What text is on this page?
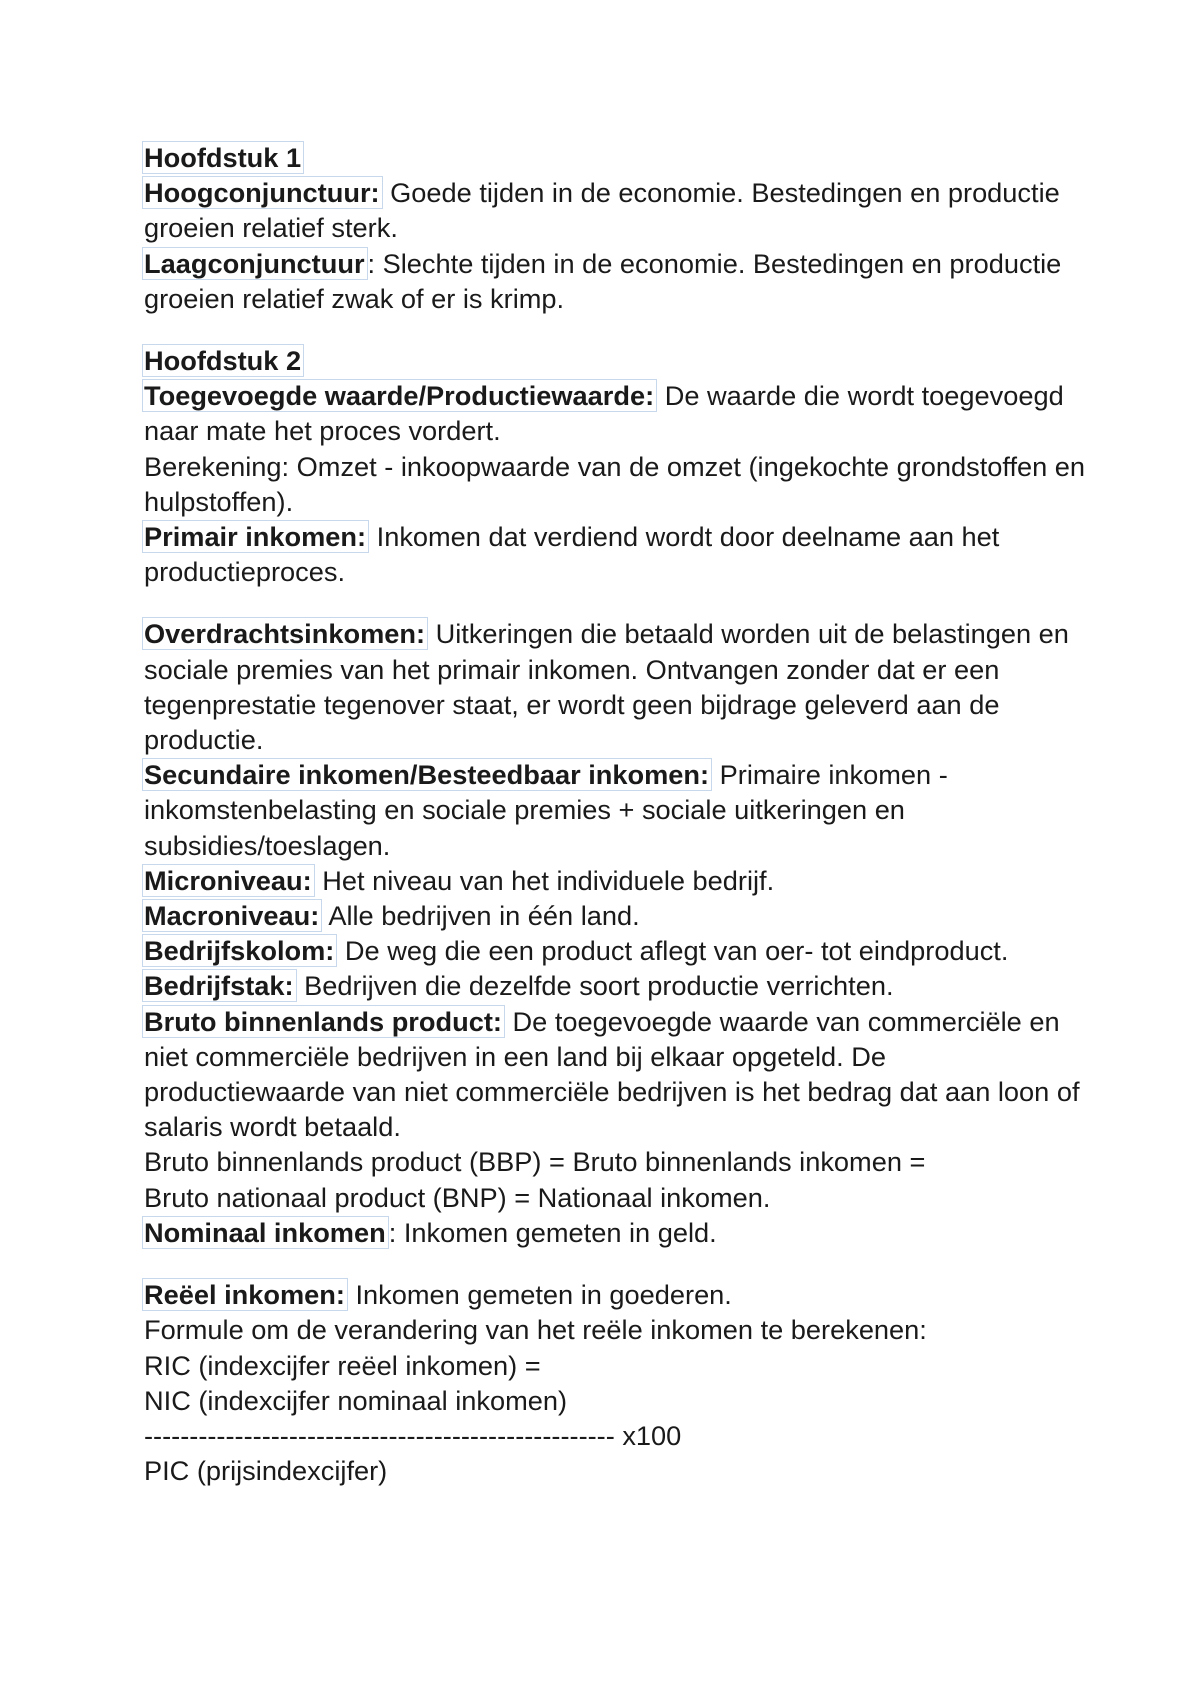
Hoofdstuk 1
Hoogconjunctuur: Goede tijden in de economie. Bestedingen en productie groeien relatief sterk.
Laagconjunctuur : Slechte tijden in de economie. Bestedingen en productie groeien relatief zwak of er is krimp.

Hoofdstuk 2
Toegevoegde waarde/Productiewaarde: De waarde die wordt toegevoegd naar mate het proces vordert.
Berekening: Omzet - inkoopwaarde van de omzet (ingekochte grondstoffen en hulpstoffen).
Primair inkomen: Inkomen dat verdiend wordt door deelname aan het productieproces.

Overdrachtsinkomen: Uitkeringen die betaald worden uit de belastingen en sociale premies van het primair inkomen. Ontvangen zonder dat er een tegenprestatie tegenover staat, er wordt geen bijdrage geleverd aan de productie.
Secundaire inkomen/Besteedbaar inkomen: Primaire inkomen - inkomstenbelasting en sociale premies + sociale uitkeringen en subsidies/toeslagen.
Microniveau: Het niveau van het individuele bedrijf.
Macroniveau: Alle bedrijven in één land.
Bedrijfskolom: De weg die een product aflegt van oer- tot eindproduct.
Bedrijfstak: Bedrijven die dezelfde soort productie verrichten.
Bruto binnenlands product: De toegevoegde waarde van commerciële en niet commerciële bedrijven in een land bij elkaar opgeteld. De productiewaarde van niet commerciële bedrijven is het bedrag dat aan loon of salaris wordt betaald.
Bruto binnenlands product (BBP) = Bruto binnenlands inkomen =
Bruto nationaal product (BNP) = Nationaal inkomen.
Nominaal inkomen : Inkomen gemeten in geld.

Reëel inkomen: Inkomen gemeten in goederen.
Formule om de verandering van het reële inkomen te berekenen:
RIC (indexcijfer reëel inkomen) =
NIC (indexcijfer nominaal inkomen)
---------------------------------------------------- x100
PIC (prijsindexcijfer)
